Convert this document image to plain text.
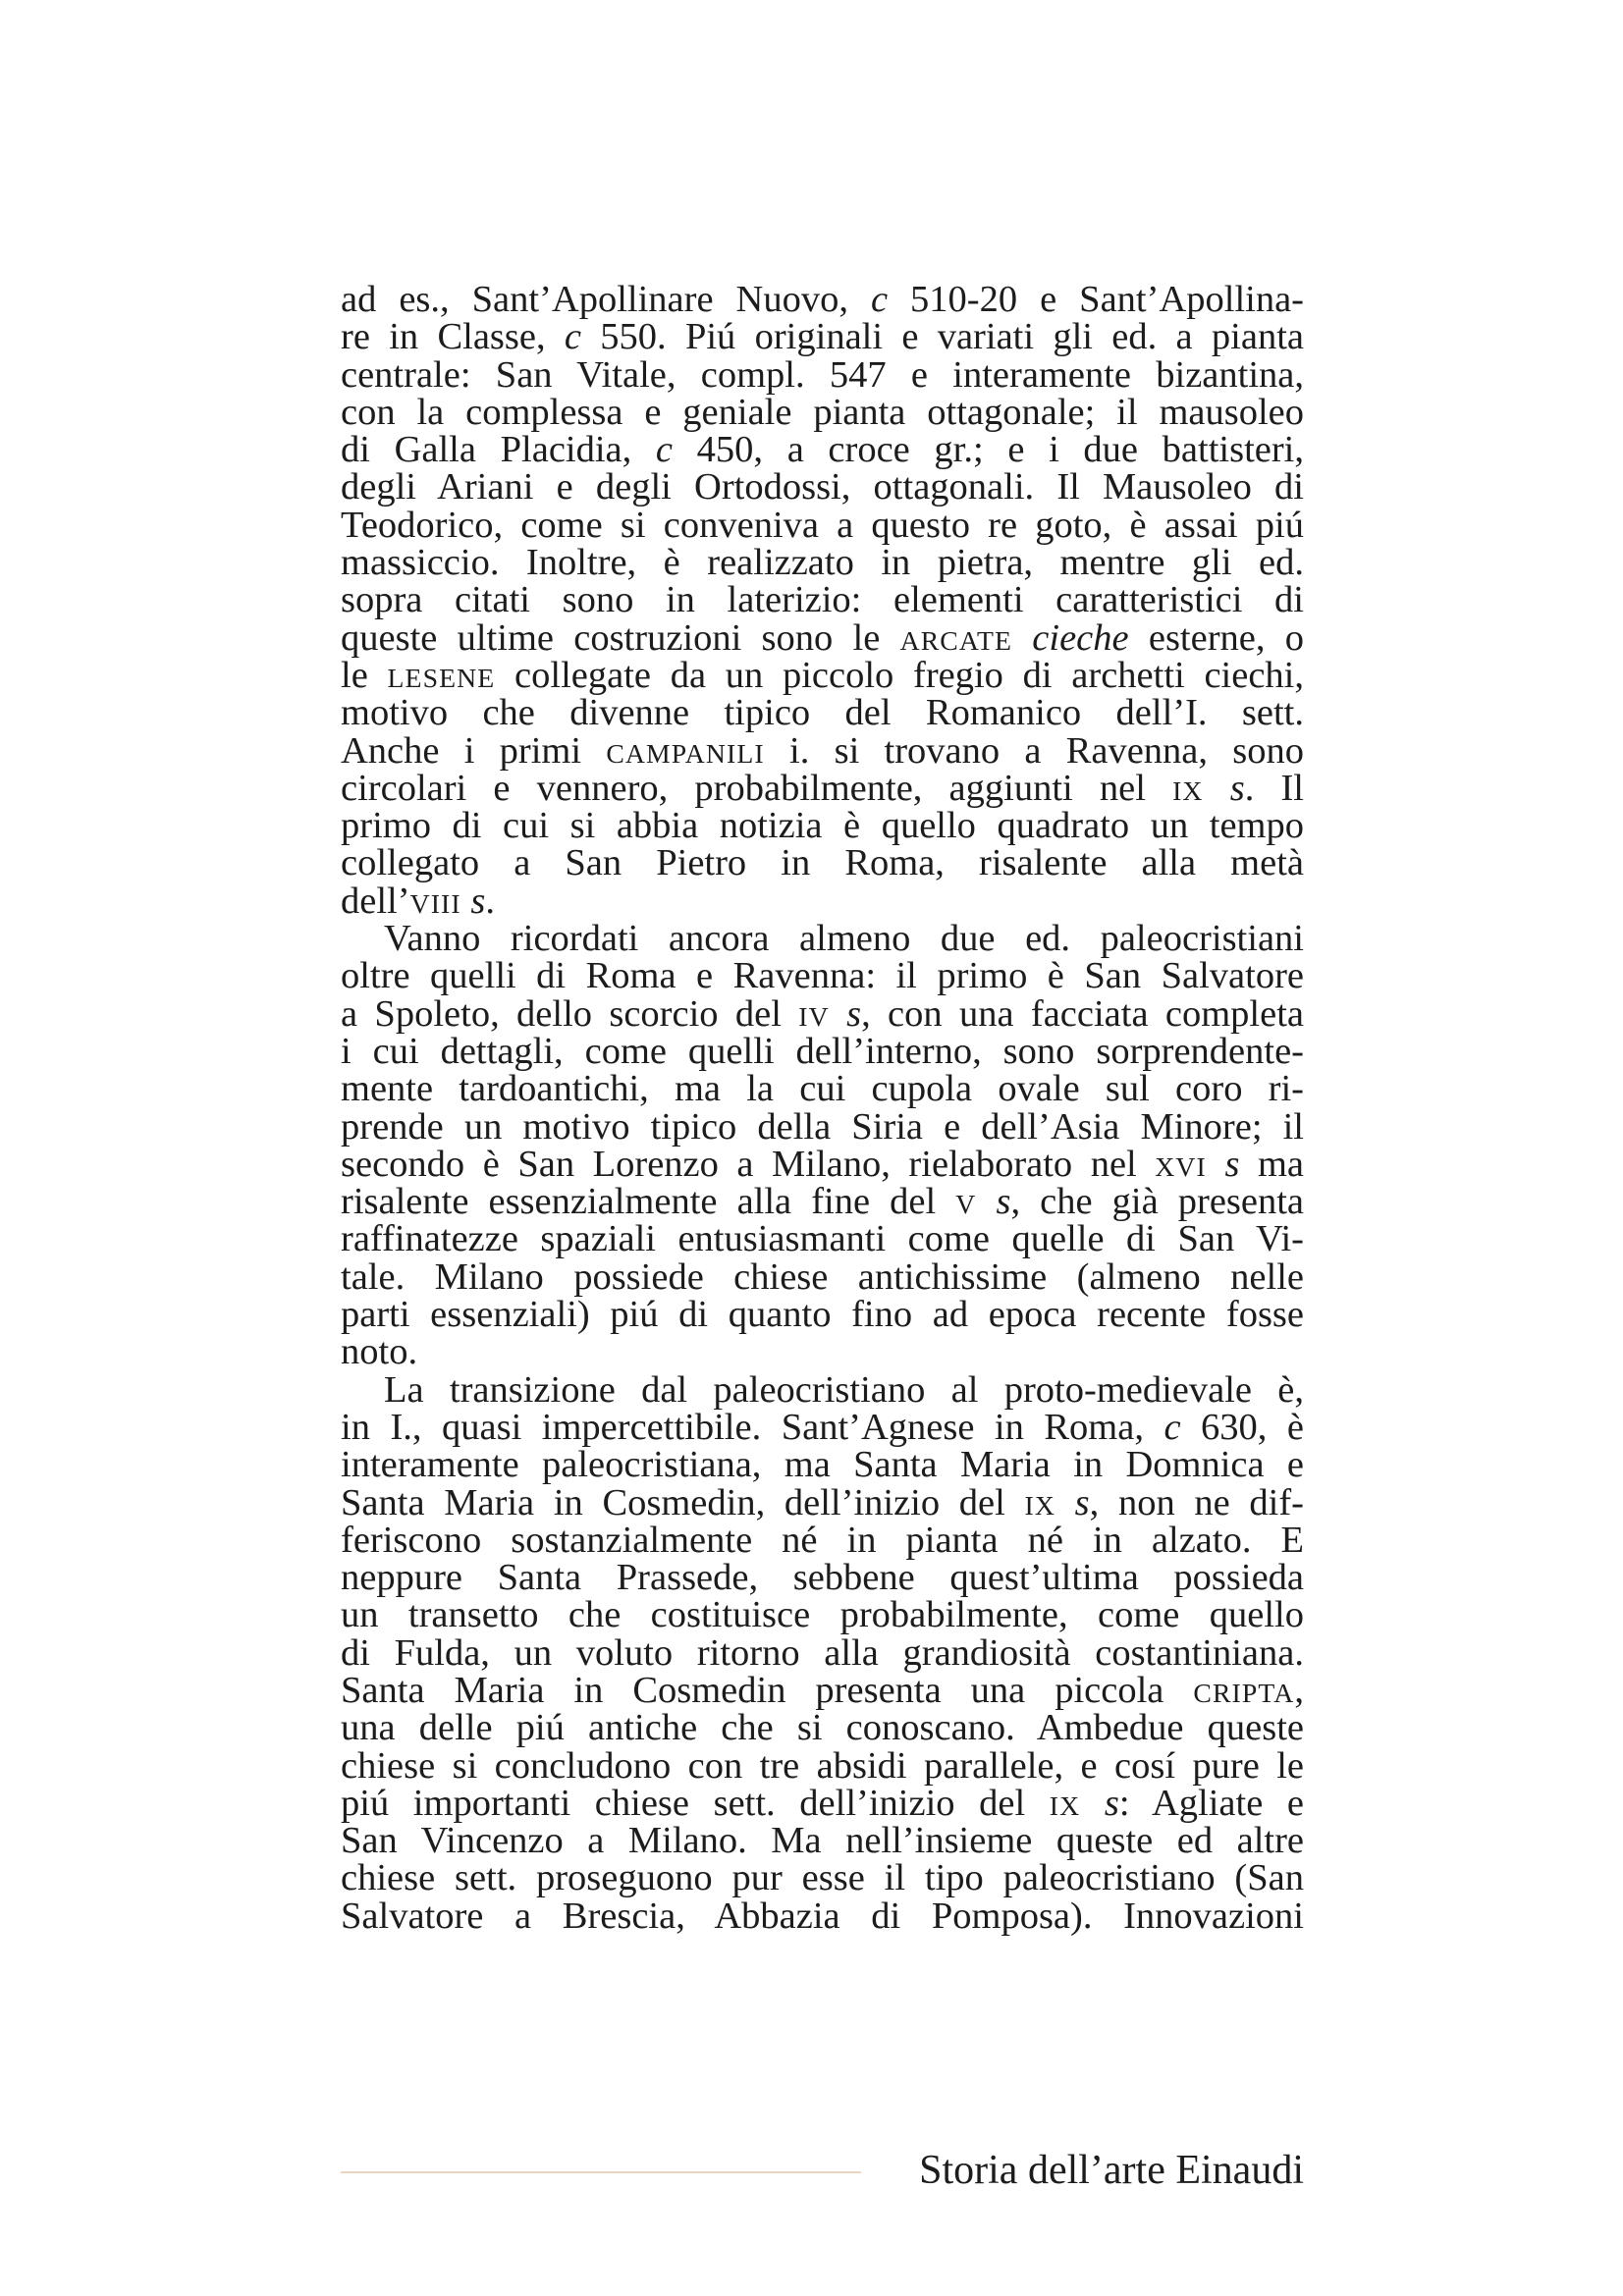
ad es., Sant’Apollinare Nuovo, c 510-20 e Sant’Apollina-
re in Classe, c 550. Piú originali e variati gli ed. a pianta
centrale: San Vitale, compl. 547 e interamente bizantina,
con la complessa e geniale pianta ottagonale; il mausoleo
di Galla Placidia, c 450, a croce gr.; e i due battisteri,
degli Ariani e degli Ortodossi, ottagonali. Il Mausoleo di
Teodorico, come si conveniva a questo re goto, è assai piú
massiccio. Inoltre, è realizzato in pietra, mentre gli ed.
sopra citati sono in laterizio: elementi caratteristici di
queste ultime costruzioni sono le ARCATE cieche esterne, o
le LESENE collegate da un piccolo fregio di archetti ciechi,
motivo che divenne tipico del Romanico dell’I. sett.
Anche i primi CAMPANILI i. si trovano a Ravenna, sono
circolari e vennero, probabilmente, aggiunti nel IX s. Il
primo di cui si abbia notizia è quello quadrato un tempo
collegato a San Pietro in Roma, risalente alla metà
dell’VIII s.
Vanno ricordati ancora almeno due ed. paleocristiani
oltre quelli di Roma e Ravenna: il primo è San Salvatore
a Spoleto, dello scorcio del IV s, con una facciata completa
i cui dettagli, come quelli dell’interno, sono sorprendente-
mente tardoantichi, ma la cui cupola ovale sul coro ri-
prende un motivo tipico della Siria e dell’Asia Minore; il
secondo è San Lorenzo a Milano, rielaborato nel XVI s ma
risalente essenzialmente alla fine del V s, che già presenta
raffinatezze spaziali entusiasmanti come quelle di San Vi-
tale. Milano possiede chiese antichissime (almeno nelle
parti essenziali) piú di quanto fino ad epoca recente fosse
noto.
La transizione dal paleocristiano al proto-medievale è,
in I., quasi impercettibile. Sant’Agnese in Roma, c 630, è
interamente paleocristiana, ma Santa Maria in Domnica e
Santa Maria in Cosmedin, dell’inizio del IX s, non ne dif-
feriscono sostanzialmente né in pianta né in alzato. E
neppure Santa Prassede, sebbene quest’ultima possieda
un transetto che costituisce probabilmente, come quello
di Fulda, un voluto ritorno alla grandiosità costantiniana.
Santa Maria in Cosmedin presenta una piccola CRIPTA,
una delle piú antiche che si conoscano. Ambedue queste
chiese si concludono con tre absidi parallele, e cosí pure le
piú importanti chiese sett. dell’inizio del IX s: Agliate e
San Vincenzo a Milano. Ma nell’insieme queste ed altre
chiese sett. proseguono pur esse il tipo paleocristiano (San
Salvatore a Brescia, Abbazia di Pomposa). Innovazioni
Storia dell’arte Einaudi
